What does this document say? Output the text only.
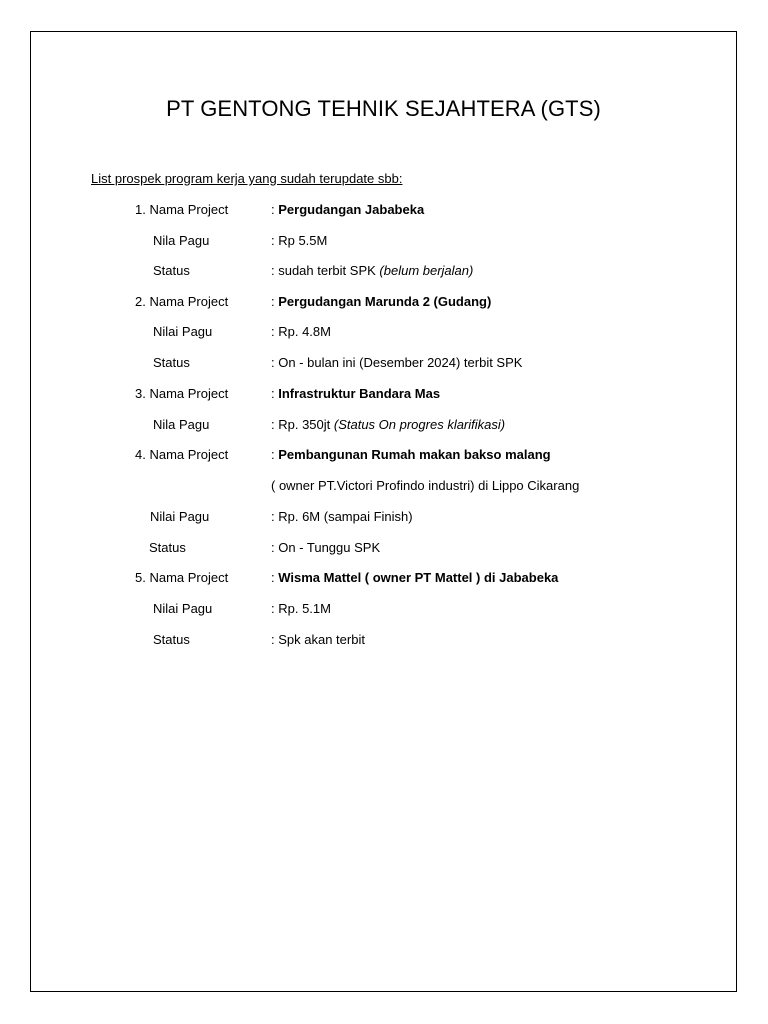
PT GENTONG TEHNIK SEJAHTERA (GTS)
List prospek program kerja yang sudah terupdate sbb:
1. Nama Project	: Pergudangan Jababeka
Nila Pagu	: Rp 5.5M
Status	: sudah terbit SPK (belum berjalan)
2. Nama Project	: Pergudangan Marunda 2 (Gudang)
Nilai Pagu	: Rp. 4.8M
Status	: On - bulan ini (Desember 2024) terbit SPK
3. Nama Project	: Infrastruktur Bandara Mas
Nila Pagu	: Rp. 350jt (Status On progres klarifikasi)
4. Nama Project	: Pembangunan Rumah makan bakso malang
( owner PT.Victori Profindo industri) di Lippo Cikarang
Nilai Pagu	: Rp. 6M (sampai Finish)
Status	: On - Tunggu SPK
5. Nama Project	: Wisma Mattel ( owner PT Mattel ) di Jababeka
Nilai Pagu	: Rp. 5.1M
Status	: Spk akan terbit
